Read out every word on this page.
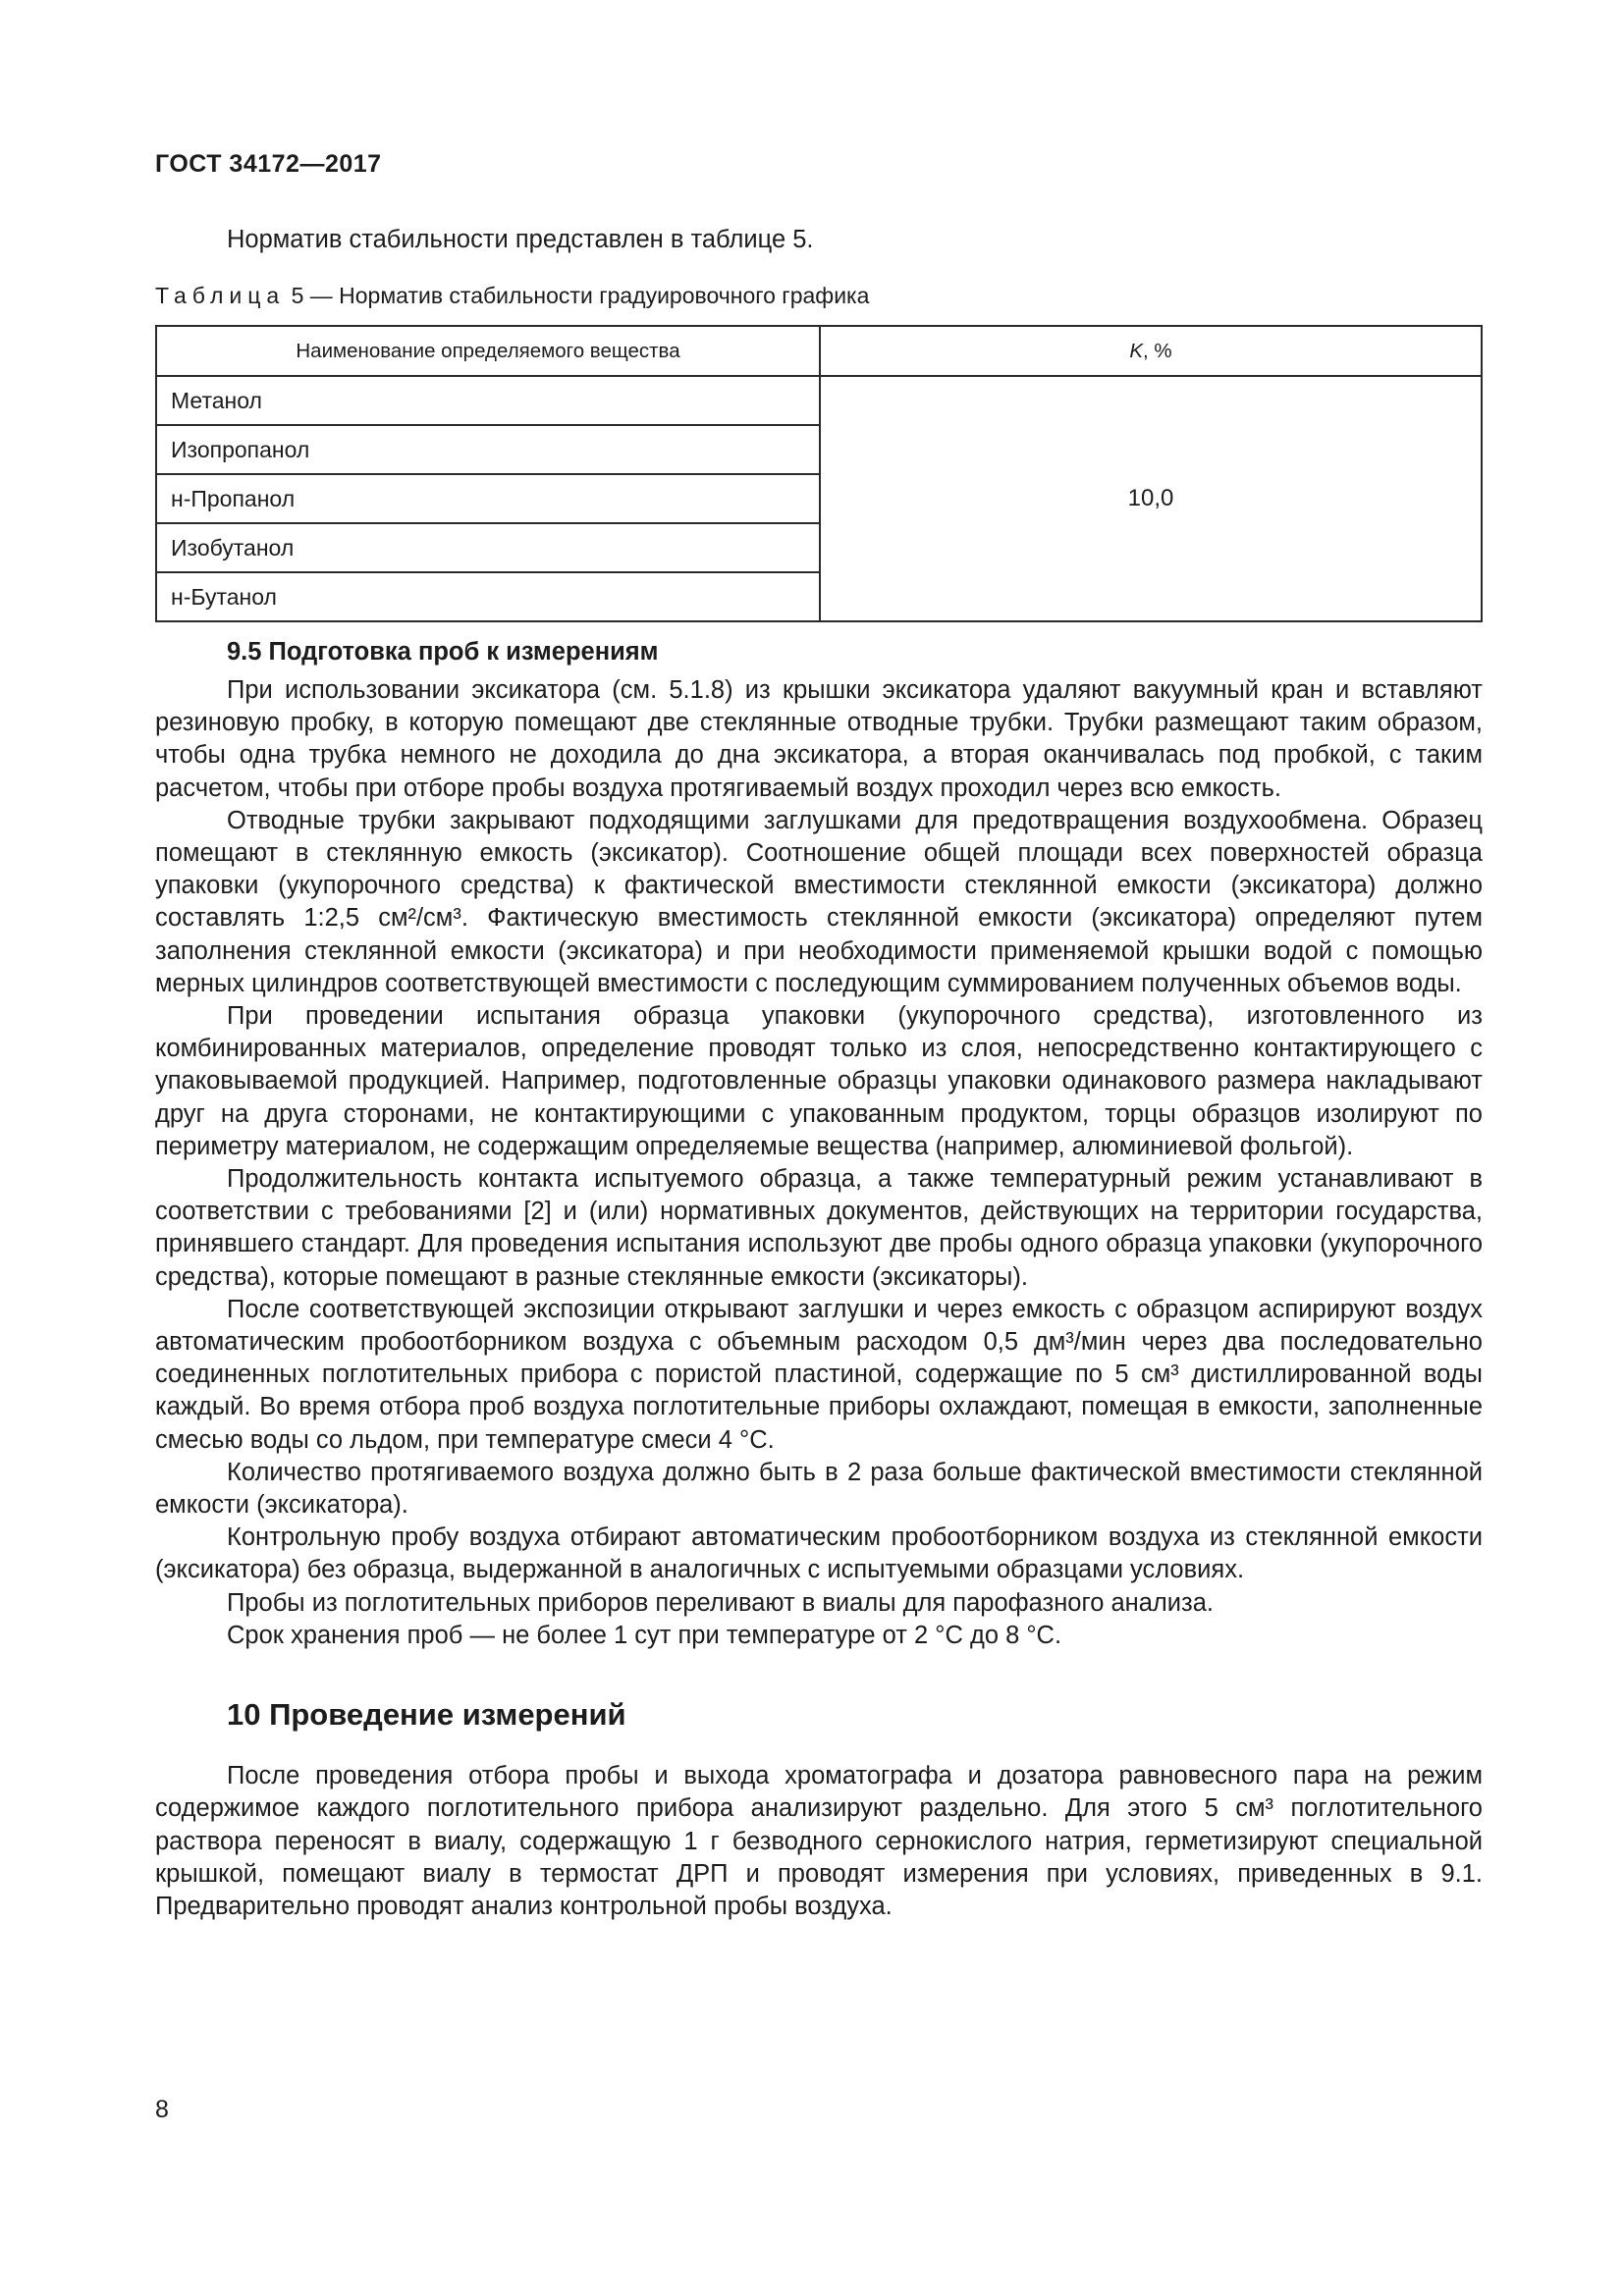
ГОСТ 34172—2017
Норматив стабильности представлен в таблице 5.
Таблица 5 — Норматив стабильности градуировочного графика
Наименование определяемого вещества	K, %
Метанол	10,0
Изопропанол	
н-Пропанол	
Изобутанол	
н-Бутанол	
9.5 Подготовка проб к измерениям

При использовании эксикатора (см. 5.1.8) из крышки эксикатора удаляют вакуумный кран и вставляют резиновую пробку, в которую помещают две стеклянные отводные трубки. Трубки размещают таким образом, чтобы одна трубка немного не доходила до дна эксикатора, а вторая оканчивалась под пробкой, с таким расчетом, чтобы при отборе пробы воздуха протягиваемый воздух проходил через всю емкость.

Отводные трубки закрывают подходящими заглушками для предотвращения воздухообмена. Образец помещают в стеклянную емкость (эксикатор). Соотношение общей площади всех поверхностей образца упаковки (укупорочного средства) к фактической вместимости стеклянной емкости (эксикатора) должно составлять 1:2,5 см²/см³. Фактическую вместимость стеклянной емкости (эксикатора) определяют путем заполнения стеклянной емкости (эксикатора) и при необходимости применяемой крышки водой с помощью мерных цилиндров соответствующей вместимости с последующим суммированием полученных объемов воды.

При проведении испытания образца упаковки (укупорочного средства), изготовленного из комбинированных материалов, определение проводят только из слоя, непосредственно контактирующего с упаковываемой продукцией. Например, подготовленные образцы упаковки одинакового размера накладывают друг на друга сторонами, не контактирующими с упакованным продуктом, торцы образцов изолируют по периметру материалом, не содержащим определяемые вещества (например, алюминиевой фольгой).

Продолжительность контакта испытуемого образца, а также температурный режим устанавливают в соответствии с требованиями [2] и (или) нормативных документов, действующих на территории государства, принявшего стандарт. Для проведения испытания используют две пробы одного образца упаковки (укупорочного средства), которые помещают в разные стеклянные емкости (эксикаторы).

После соответствующей экспозиции открывают заглушки и через емкость с образцом аспирируют воздух автоматическим пробоотборником воздуха с объемным расходом 0,5 дм³/мин через два последовательно соединенных поглотительных прибора с пористой пластиной, содержащие по 5 см³ дистиллированной воды каждый. Во время отбора проб воздуха поглотительные приборы охлаждают, помещая в емкости, заполненные смесью воды со льдом, при температуре смеси 4 °С.

Количество протягиваемого воздуха должно быть в 2 раза больше фактической вместимости стеклянной емкости (эксикатора).

Контрольную пробу воздуха отбирают автоматическим пробоотборником воздуха из стеклянной емкости (эксикатора) без образца, выдержанной в аналогичных с испытуемыми образцами условиях.

Пробы из поглотительных приборов переливают в виалы для парофазного анализа.

Срок хранения проб — не более 1 сут при температуре от 2 °С до 8 °С.

10 Проведение измерений

После проведения отбора пробы и выхода хроматографа и дозатора равновесного пара на режим содержимое каждого поглотительного прибора анализируют раздельно. Для этого 5 см³ поглотительного раствора переносят в виалу, содержащую 1 г безводного сернокислого натрия, герметизируют специальной крышкой, помещают виалу в термостат ДРП и проводят измерения при условиях, приведенных в 9.1. Предварительно проводят анализ контрольной пробы воздуха.

8
